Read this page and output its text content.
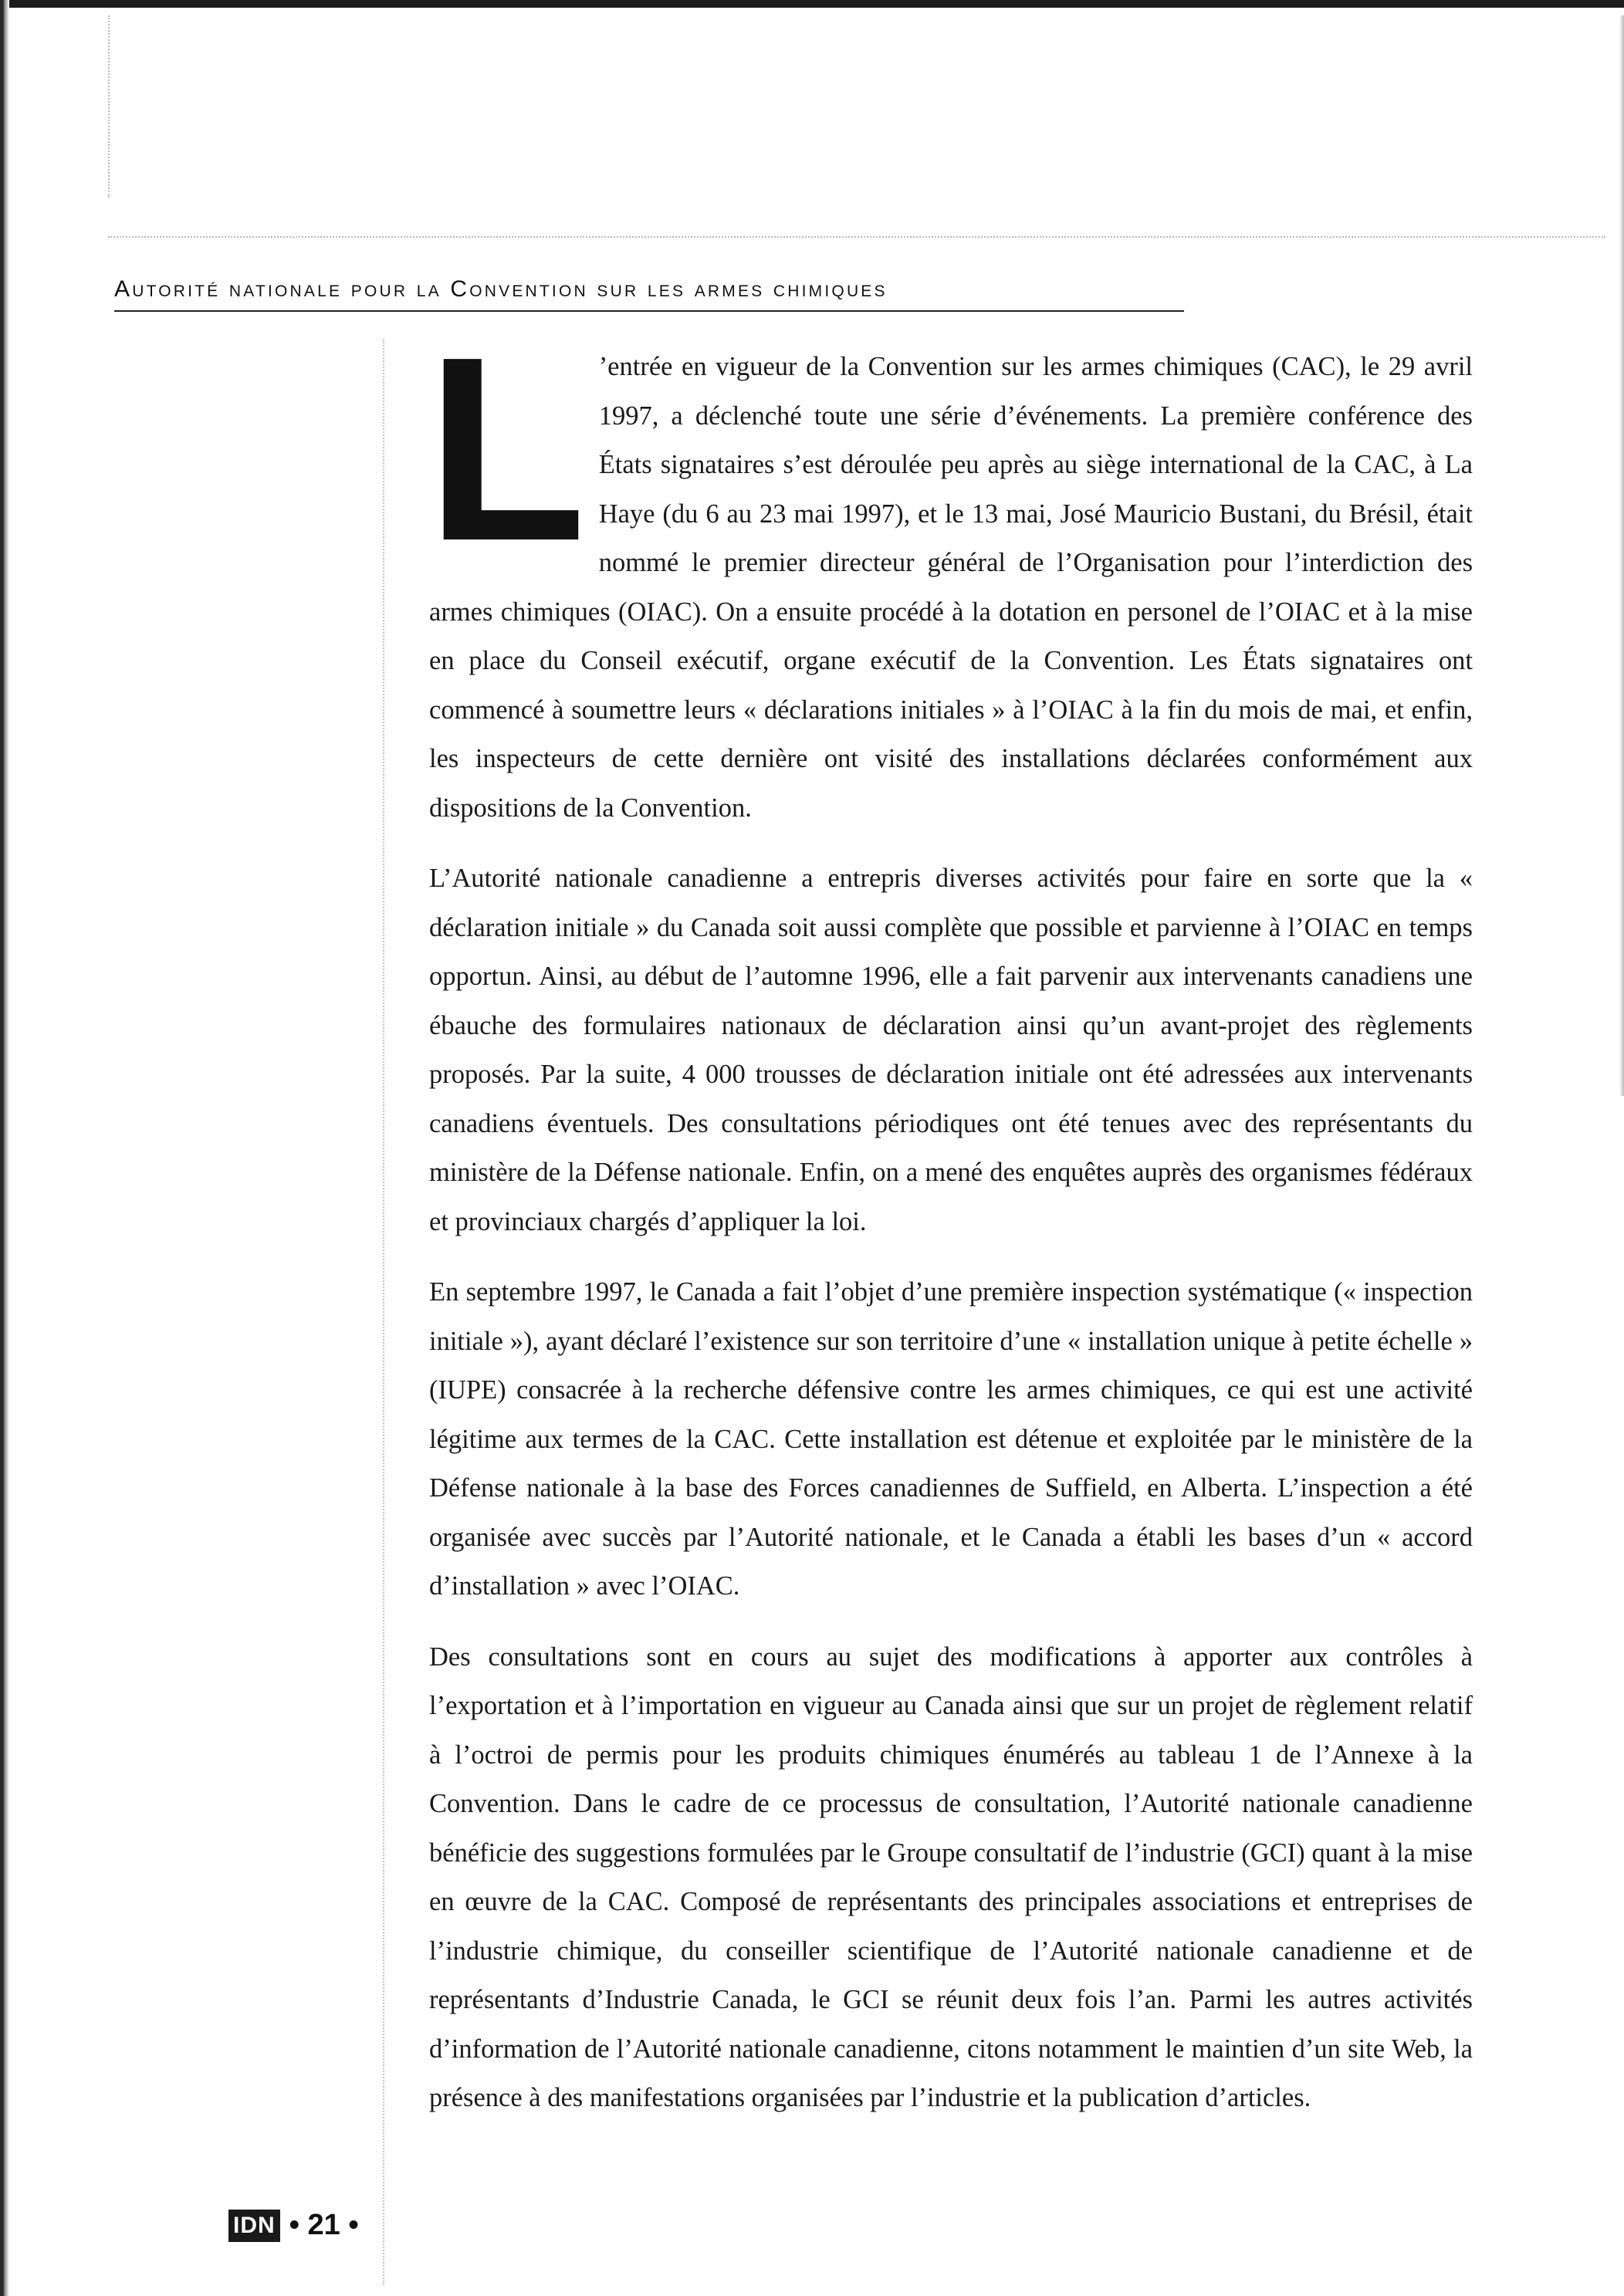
Autorité nationale pour la Convention sur les armes chimiques

L ’entrée en vigueur de la Convention sur les armes chimiques (CAC), le 29 avril 1997, a déclenché toute une série d’événements. La première conférence des États signataires s’est déroulée peu après au siège international de la CAC, à La Haye (du 6 au 23 mai 1997), et le 13 mai, José Mauricio Bustani, du Brésil, était nommé le premier directeur général de l’Organisation pour l’interdiction des armes chimiques (OIAC). On a ensuite procédé à la dotation en personel de l’OIAC et à la mise en place du Conseil exécutif, organe exécutif de la Convention. Les États signataires ont commencé à soumettre leurs « déclarations initiales » à l’OIAC à la fin du mois de mai, et enfin, les inspecteurs de cette dernière ont visité des installations déclarées conformément aux dispositions de la Convention.

L’Autorité nationale canadienne a entrepris diverses activités pour faire en sorte que la « déclaration initiale » du Canada soit aussi complète que possible et parvienne à l’OIAC en temps opportun. Ainsi, au début de l’automne 1996, elle a fait parvenir aux intervenants canadiens une ébauche des formulaires nationaux de déclaration ainsi qu’un avant-projet des règlements proposés. Par la suite, 4 000 trousses de déclaration initiale ont été adressées aux intervenants canadiens éventuels. Des consultations périodiques ont été tenues avec des représentants du ministère de la Défense nationale. Enfin, on a mené des enquêtes auprès des organismes fédéraux et provinciaux chargés d’appliquer la loi.

En septembre 1997, le Canada a fait l’objet d’une première inspection systématique (« inspection initiale »), ayant déclaré l’existence sur son territoire d’une « installation unique à petite échelle » (IUPE) consacrée à la recherche défensive contre les armes chimiques, ce qui est une activité légitime aux termes de la CAC. Cette installation est détenue et exploitée par le ministère de la Défense nationale à la base des Forces canadiennes de Suffield, en Alberta. L’inspection a été organisée avec succès par l’Autorité nationale, et le Canada a établi les bases d’un « accord d’installation » avec l’OIAC.

Des consultations sont en cours au sujet des modifications à apporter aux contrôles à l’exportation et à l’importation en vigueur au Canada ainsi que sur un projet de règlement relatif à l’octroi de permis pour les produits chimiques énumérés au tableau 1 de l’Annexe à la Convention. Dans le cadre de ce processus de consultation, l’Autorité nationale canadienne bénéficie des suggestions formulées par le Groupe consultatif de l’industrie (GCI) quant à la mise en œuvre de la CAC. Composé de représentants des principales associations et entreprises de l’industrie chimique, du conseiller scientifique de l’Autorité nationale canadienne et de représentants d’Industrie Canada, le GCI se réunit deux fois l’an. Parmi les autres activités d’information de l’Autorité nationale canadienne, citons notamment le maintien d’un site Web, la présence à des manifestations organisées par l’industrie et la publication d’articles.

IDN • 21 •
